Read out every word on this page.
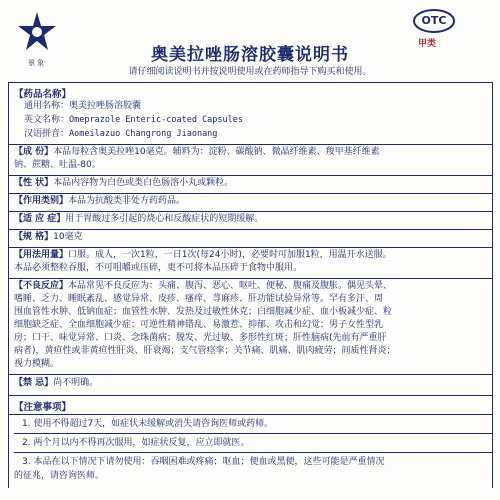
景象
OTC
甲类
奥美拉唑肠溶胶囊说明书
请仔细阅读说明书并按说明使用或在药师指导下购买和使用。
【药品名称】
通用名称：奥美拉唑肠溶胶囊
英文名称：Omeprazole Enteric-coated Capsules
汉语拼音：Aomeilazuo Changrong Jiaonang
【成 份】本品每粒含奥美拉唑10毫克。辅料为：淀粉、碳酸钠、微晶纤维素、羧甲基纤维素
钠、蔗糖、吐温-80。
【性 状】本品内容物为白色或类白色肠溶小丸或颗粒。
【作用类别】本品为抗酸类非处方药药品。
【适 应 症】用于胃酸过多引起的烧心和反酸症状的短期缓解。
【规 格】10毫克
【用法用量】口服。成人，一次1粒，一日1次(每24小时)，必要时可加服1粒，用温开水送服。
本品必须整粒吞服，不可咀嚼或压碎，更不可将本品压碎于食物中服用。
【不良反应】本品常见不良反应为：头痛、腹泻、恶心、呕吐、便秘、腹痛及腹胀。偶见头晕、
嗜睡、乏力、睡眠紊乱、感觉异常、皮疹、瘙痒、荨麻疹、肝功能试验异常等。罕有多汗、周
围血管性水肿、低钠血症；血管性水肿、发热及过敏性休克；白细胞减少症、血小板减少症、粒
细胞缺乏症、全血细胞减少症；可逆性精神错乱、易激惹、抑郁、攻击和幻觉；男子女性型乳
房；口干、味觉异常、口炎、念珠菌病；脱发、光过敏、多形性红斑；肝性脑病(先前有严重肝
病者)，黄疸性或非黄疸性肝炎、肝衰竭；支气管痉挛；关节痛、肌痛、肌肉疲劳；间质性肾炎；
视力模糊。
【禁 忌】尚不明确。
【注意事项】
1. 使用不得超过7天，如症状未缓解或消失请咨询医师或药师。
2. 两个月以内不得再次服用，如症状反复，应立即就医。
3. 本品在以下情况下请勿使用：吞咽困难或疼痛；呕血；便血或黑便，这些可能是严重情况
的征兆，请咨询医师。
